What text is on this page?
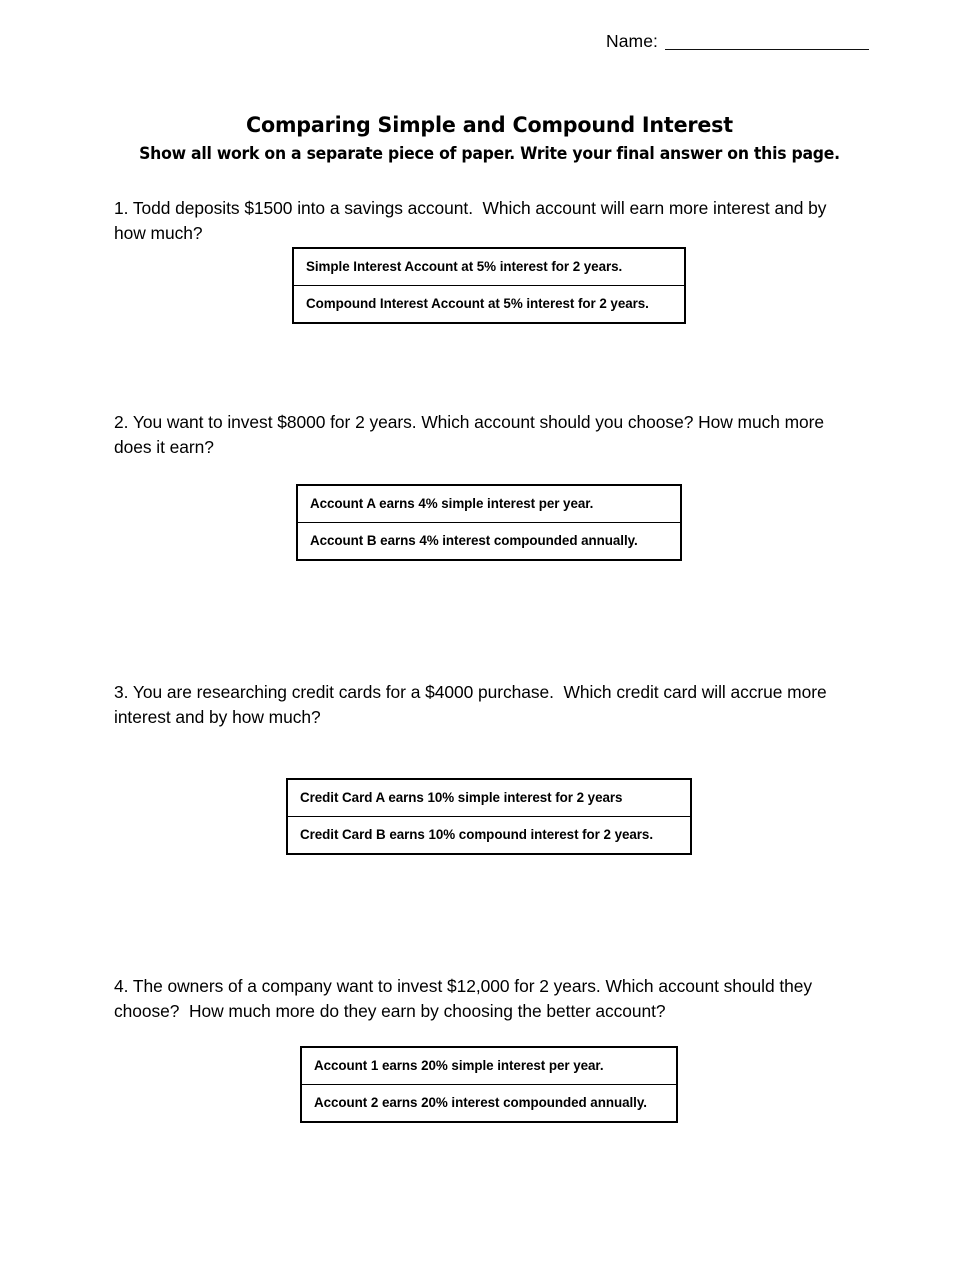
Name:
Comparing Simple and Compound Interest
Show all work on a separate piece of paper. Write your final answer on this page.

1. Todd deposits $1500 into a savings account.  Which account will earn more interest and by how much?

Simple Interest Account at 5% interest for 2 years.
Compound Interest Account at 5% interest for 2 years.

2. You want to invest $8000 for 2 years. Which account should you choose? How much more does it earn?

Account A earns 4% simple interest per year.
Account B earns 4% interest compounded annually.

3. You are researching credit cards for a $4000 purchase.  Which credit card will accrue more interest and by how much?

Credit Card A earns 10% simple interest for 2 years
Credit Card B earns 10% compound interest for 2 years.

4. The owners of a company want to invest $12,000 for 2 years. Which account should they choose?  How much more do they earn by choosing the better account?

Account 1 earns 20% simple interest per year.
Account 2 earns 20% interest compounded annually.
